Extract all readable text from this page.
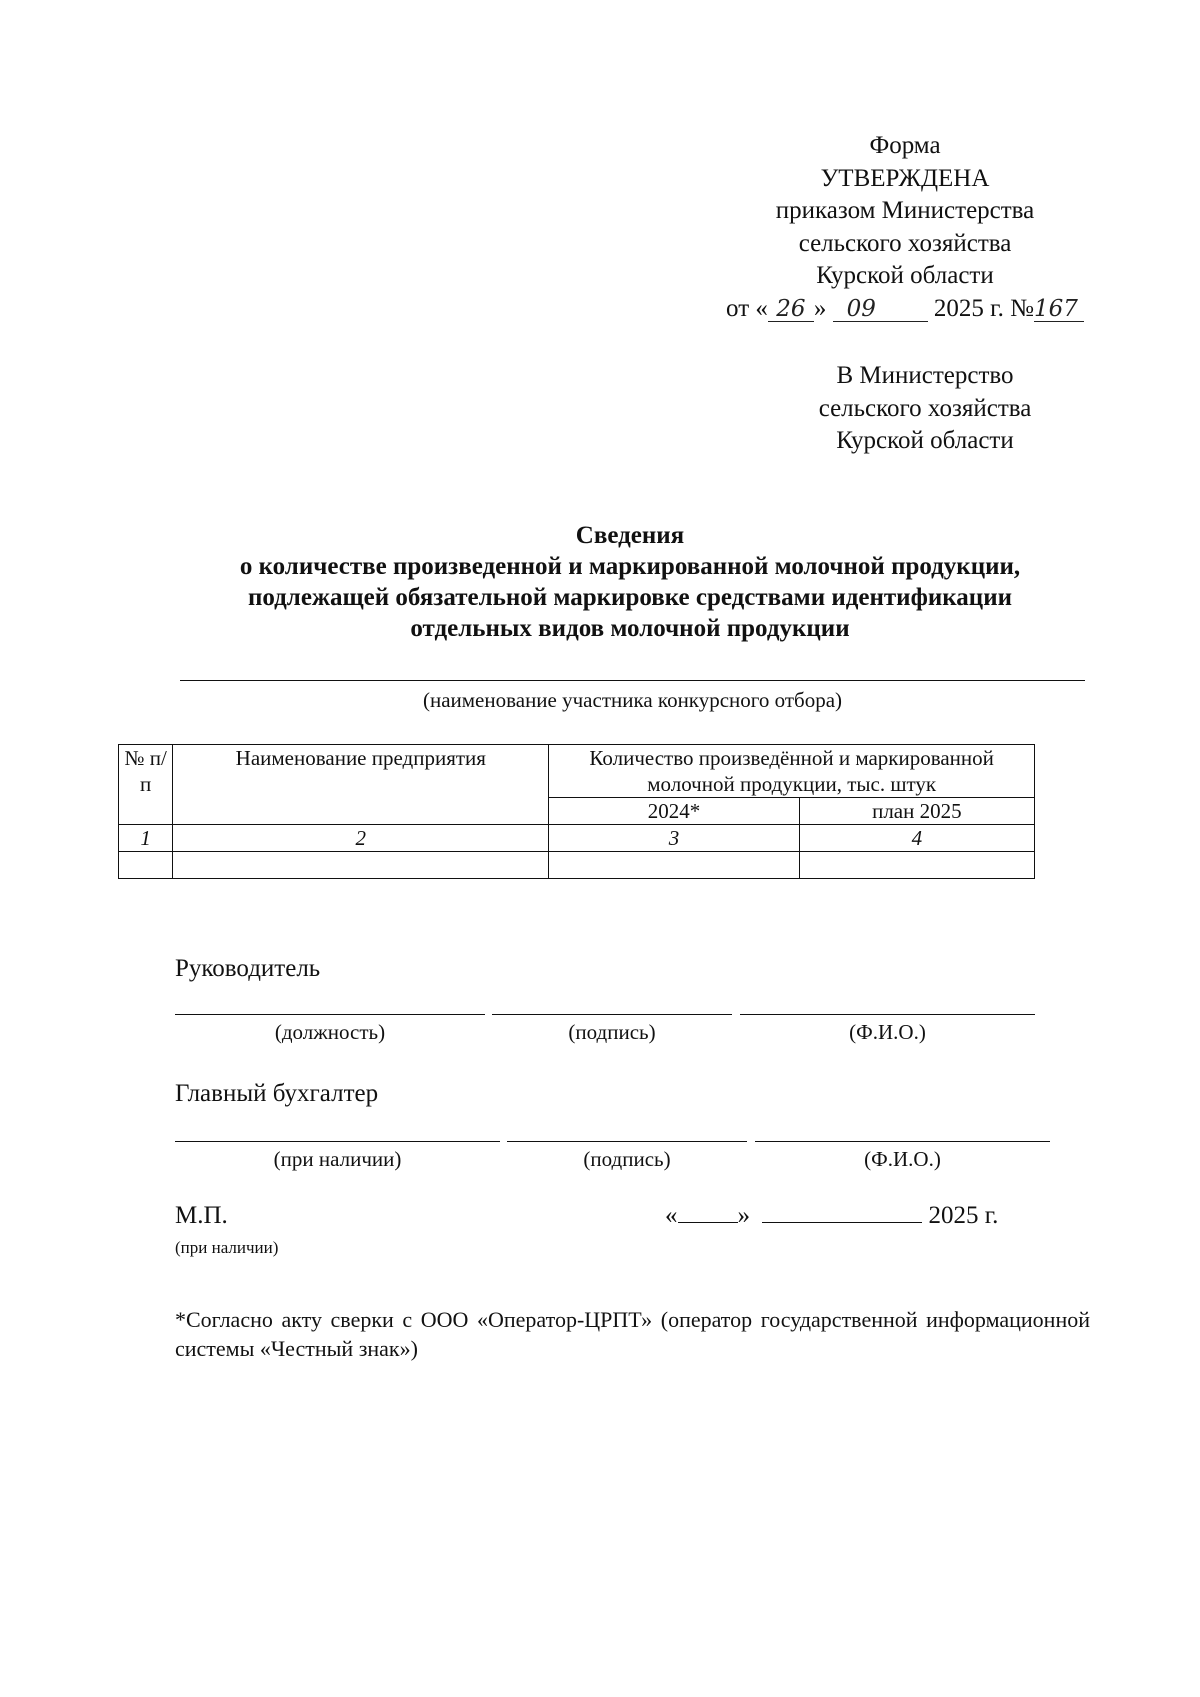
Форма
УТВЕРЖДЕНА
приказом Министерства
сельского хозяйства
Курской области
от « 26 » 09 2025 г. №167
В Министерство
сельского хозяйства
Курской области
Сведения
о количестве произведенной и маркированной молочной продукции,
подлежащей обязательной маркировке средствами идентификации
отдельных видов молочной продукции
(наименование участника конкурсного отбора)
№ п/п	Наименование предприятия	Количество произведённой и маркированной молочной продукции, тыс. штук	
		2024*	план 2025
1	2	3	4

Руководитель
(должность)	(подпись)	(Ф.И.О.)
Главный бухгалтер
(при наличии)	(подпись)	(Ф.И.О.)
М.П.
(при наличии)
« »	2025 г.
*Согласно акту сверки с ООО «Оператор-ЦРПТ» (оператор государственной информационной системы «Честный знак»)
